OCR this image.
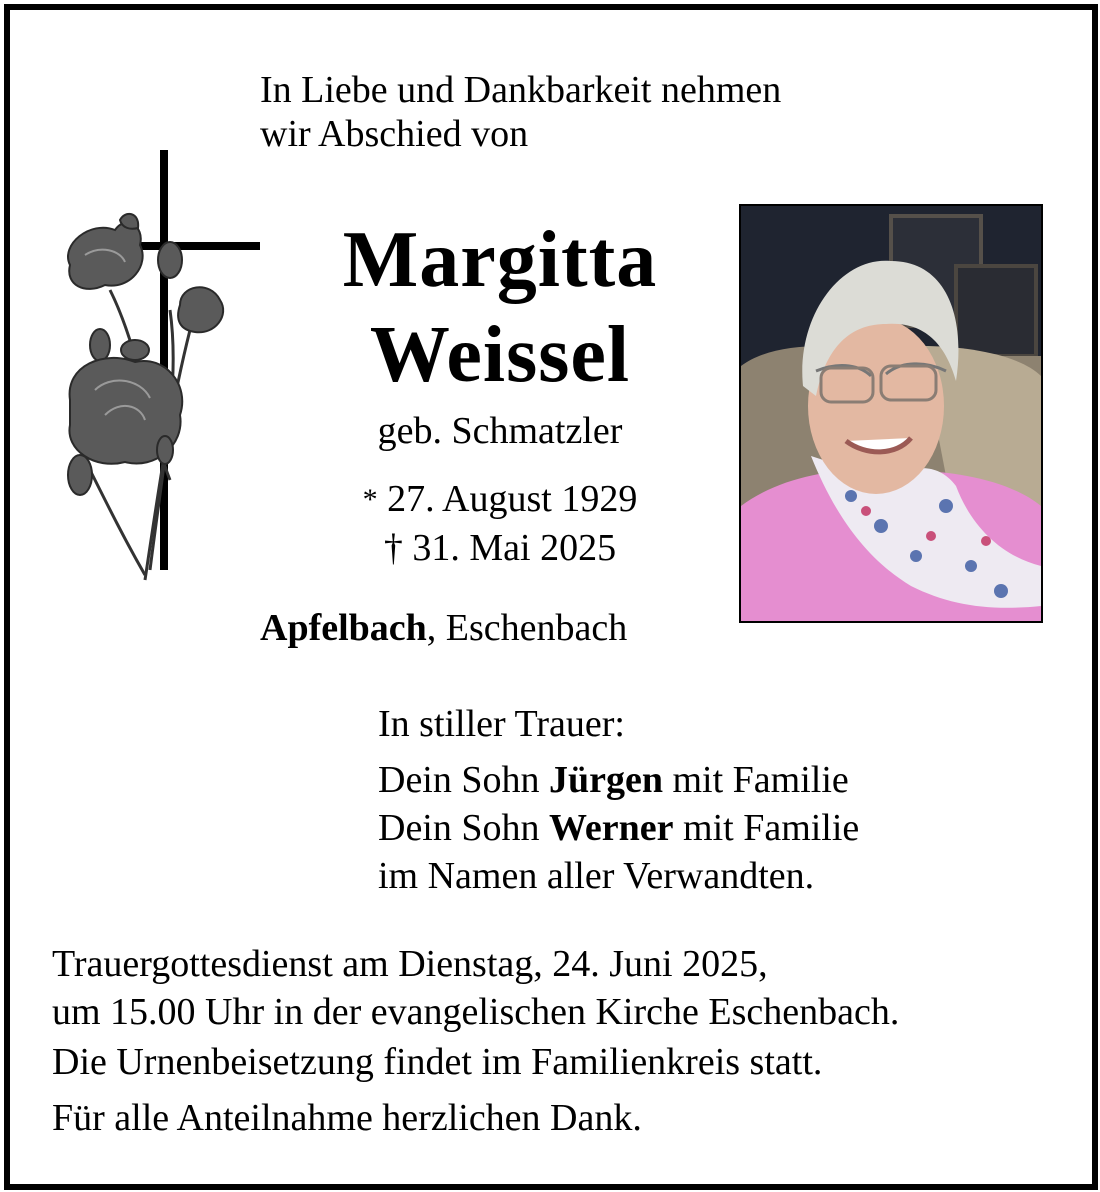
In Liebe und Dankbarkeit nehmen
wir Abschied von
Margitta
Weissel
geb. Schmatzler
* 27. August 1929
† 31. Mai 2025
Apfelbach, Eschenbach
In stiller Trauer:
Dein Sohn Jürgen mit Familie
Dein Sohn Werner mit Familie
im Namen aller Verwandten.
Trauergottesdienst am Dienstag, 24. Juni 2025,
um 15.00 Uhr in der evangelischen Kirche Eschenbach.
Die Urnenbeisetzung findet im Familienkreis statt.
Für alle Anteilnahme herzlichen Dank.
